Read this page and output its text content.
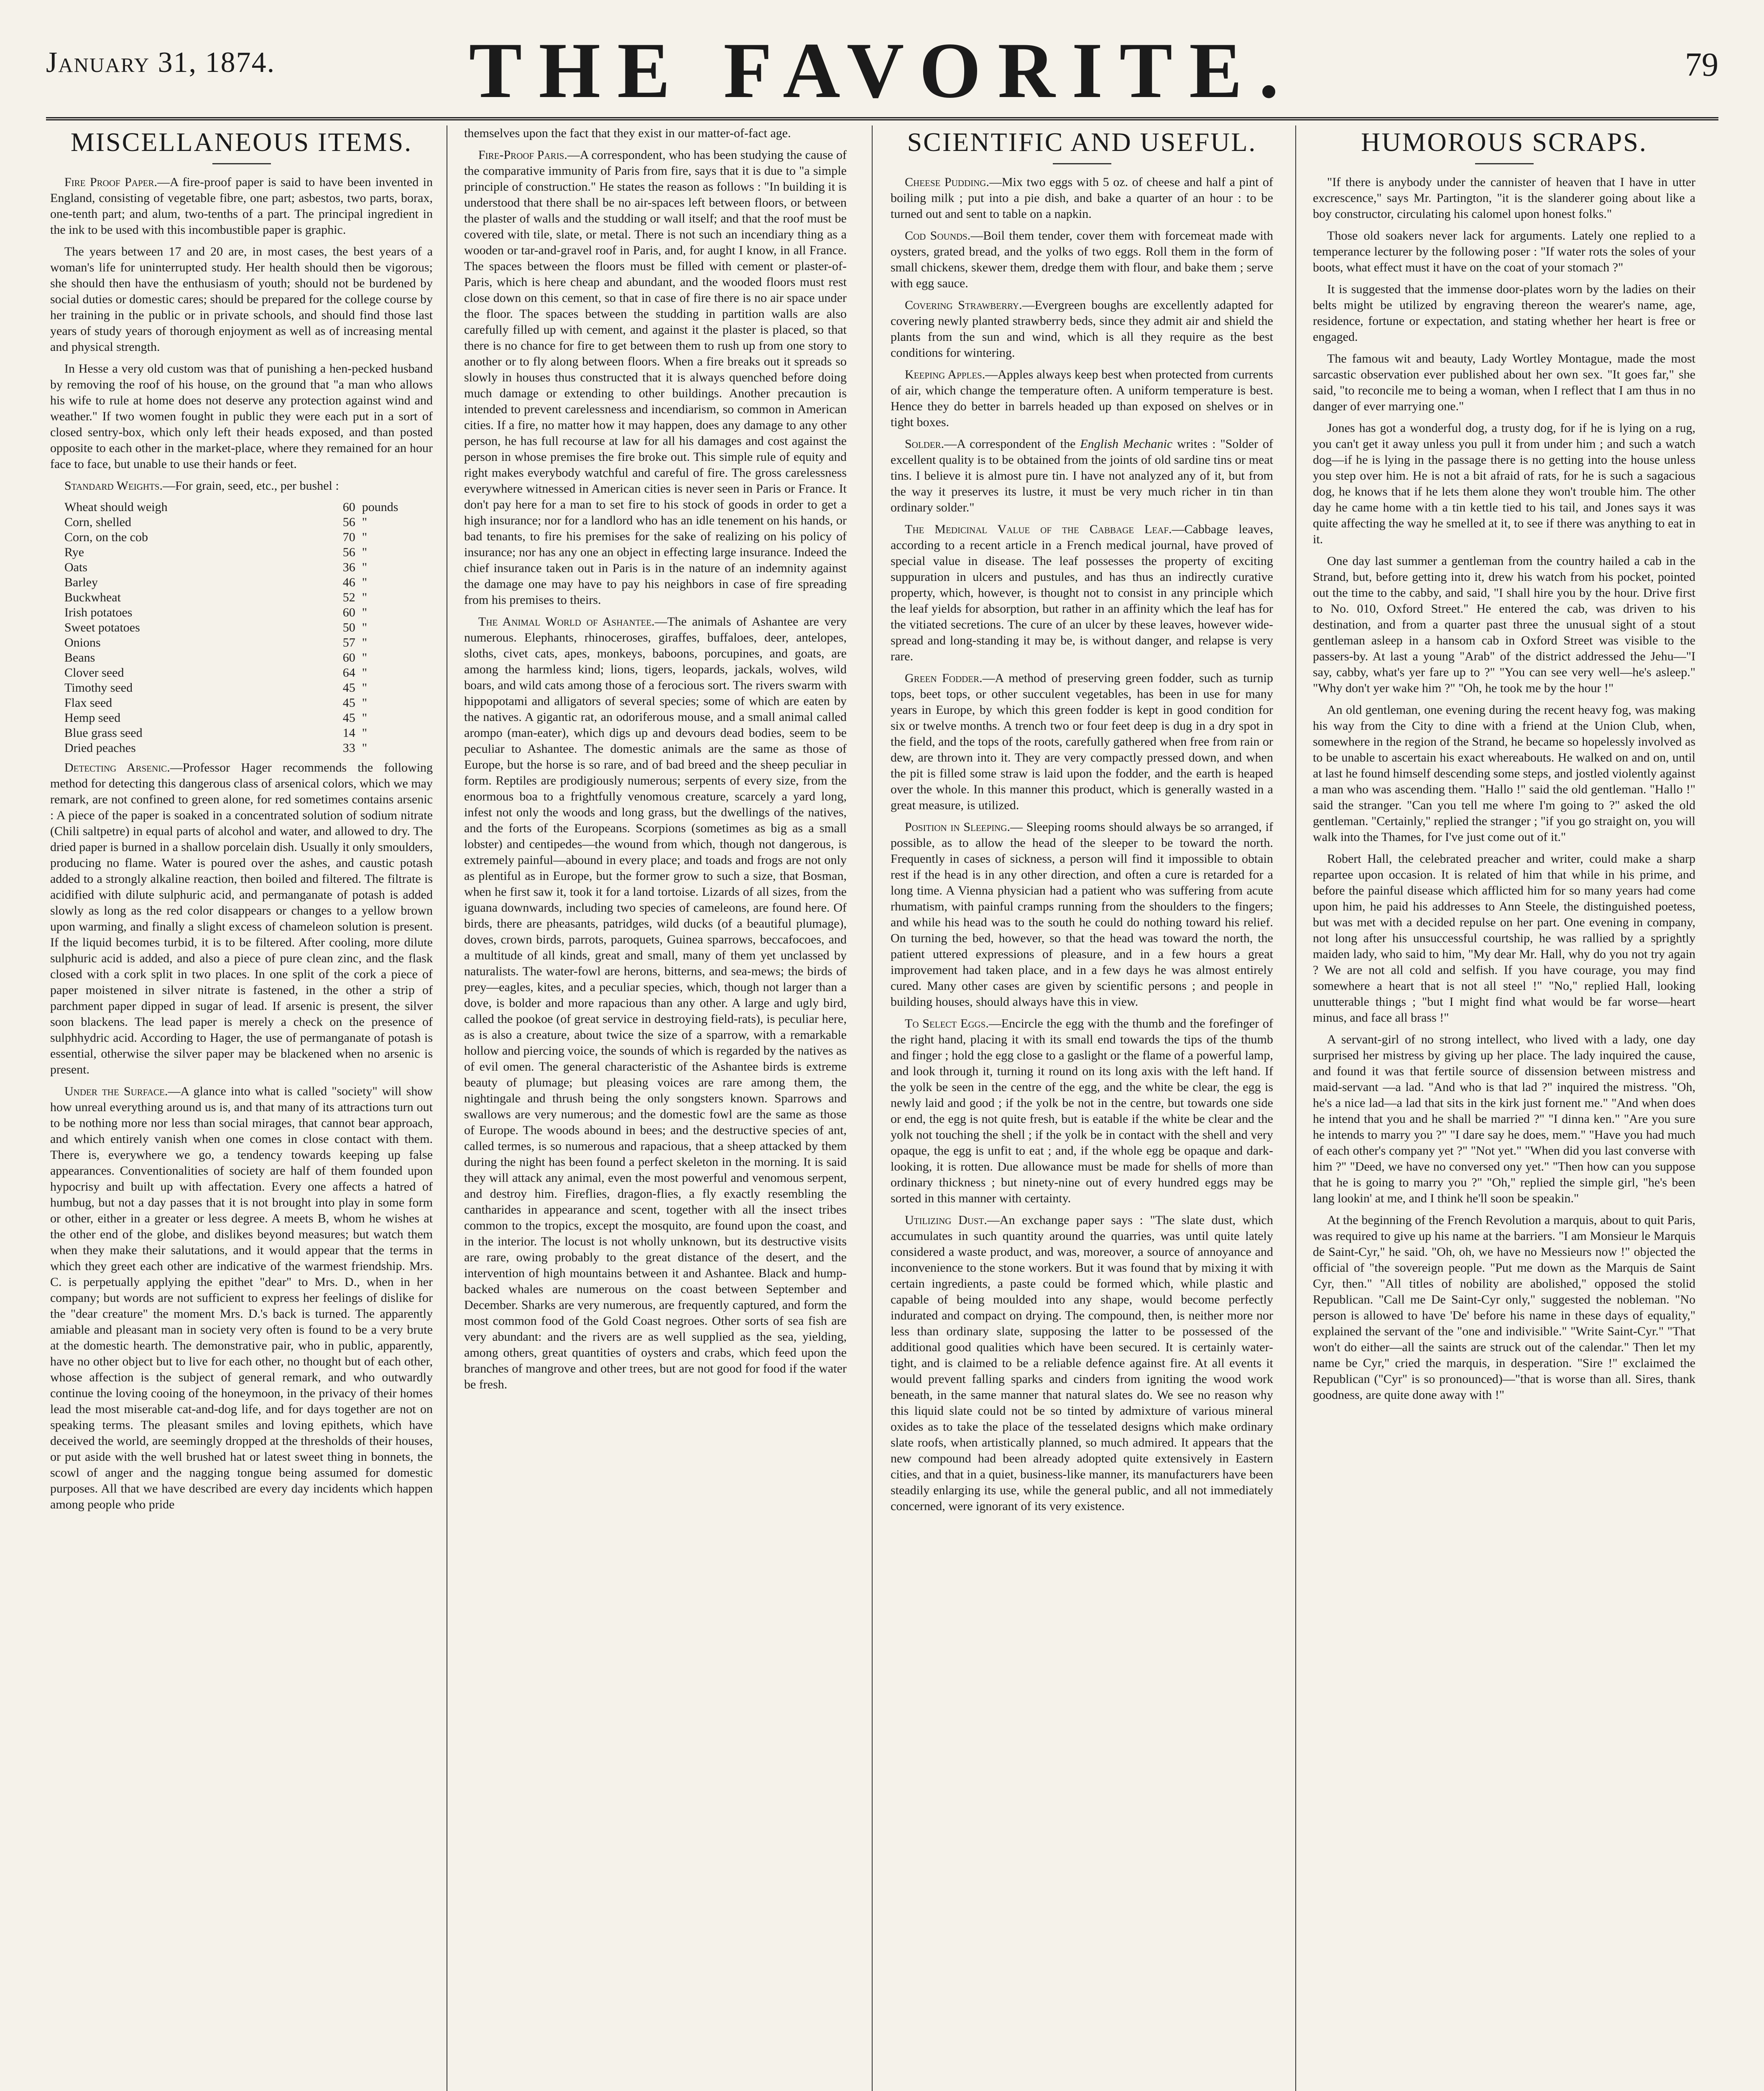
January 31, 1874.	THE FAVORITE.	79
MISCELLANEOUS ITEMS.

Fire Proof Paper.—A fire-proof paper is said to have been invented in England, consisting of vegetable fibre, one part; asbestos, two parts, borax, one-tenth part; and alum, two-tenths of a part. The principal ingredient in the ink to be used with this incombustible paper is graphic.

The years between 17 and 20 are, in most cases, the best years of a woman's life for uninterrupted study. Her health should then be vigorous; she should then have the enthusiasm of youth; should not be burdened by social duties or domestic cares; should be prepared for the college course by her training in the public or in private schools, and should find those last years of study years of thorough enjoyment as well as of increasing mental and physical strength.

In Hesse a very old custom was that of punishing a hen-pecked husband by removing the roof of his house, on the ground that "a man who allows his wife to rule at home does not deserve any protection against wind and weather." If two women fought in public they were each put in a sort of closed sentry-box, which only left their heads exposed, and than posted opposite to each other in the market-place, where they remained for an hour face to face, but unable to use their hands or feet.

Standard Weights.—For grain, seed, etc., per bushel :

Wheat should weigh	60	pounds
Corn, shelled	56	"
Corn, on the cob	70	"
Rye	56	"
Oats	36	"
Barley	46	"
Buckwheat	52	"
Irish potatoes	60	"
Sweet potatoes	50	"
Onions	57	"
Beans	60	"
Clover seed	64	"
Timothy seed	45	"
Flax seed	45	"
Hemp seed	45	"
Blue grass seed	14	"
Dried peaches	33	"

Detecting Arsenic.—Professor Hager recommends the following method for detecting this dangerous class of arsenical colors, which we may remark, are not confined to green alone, for red sometimes contains arsenic : A piece of the paper is soaked in a concentrated solution of sodium nitrate (Chili saltpetre) in equal parts of alcohol and water, and allowed to dry. The dried paper is burned in a shallow porcelain dish. Usually it only smoulders, producing no flame. Water is poured over the ashes, and caustic potash added to a strongly alkaline reaction, then boiled and filtered. The filtrate is acidified with dilute sulphuric acid, and permanganate of potash is added slowly as long as the red color disappears or changes to a yellow brown upon warming, and finally a slight excess of chameleon solution is present. If the liquid becomes turbid, it is to be filtered. After cooling, more dilute sulphuric acid is added, and also a piece of pure clean zinc, and the flask closed with a cork split in two places. In one split of the cork a piece of paper moistened in silver nitrate is fastened, in the other a strip of parchment paper dipped in sugar of lead. If arsenic is present, the silver soon blackens. The lead paper is merely a check on the presence of sulphhydric acid. According to Hager, the use of permanganate of potash is essential, otherwise the silver paper may be blackened when no arsenic is present.

Under the Surface.—A glance into what is called "society" will show how unreal everything around us is, and that many of its attractions turn out to be nothing more nor less than social mirages, that cannot bear approach, and which entirely vanish when one comes in close contact with them. There is, everywhere we go, a tendency towards keeping up false appearances. Conventionalities of society are half of them founded upon hypocrisy and built up with affectation. Every one affects a hatred of humbug, but not a day passes that it is not brought into play in some form or other, either in a greater or less degree. A meets B, whom he wishes at the other end of the globe, and dislikes beyond measures; but watch them when they make their salutations, and it would appear that the terms in which they greet each other are indicative of the warmest friendship. Mrs. C. is perpetually applying the epithet "dear" to Mrs. D., when in her company; but words are not sufficient to express her feelings of dislike for the "dear creature" the moment Mrs. D.'s back is turned. The apparently amiable and pleasant man in society very often is found to be a very brute at the domestic hearth. The demonstrative pair, who in public, apparently, have no other object but to live for each other, no thought but of each other, whose affection is the subject of general remark, and who outwardly continue the loving cooing of the honeymoon, in the privacy of their homes lead the most miserable cat-and-dog life, and for days together are not on speaking terms. The pleasant smiles and loving epithets, which have deceived the world, are seemingly dropped at the thresholds of their houses, or put aside with the well brushed hat or latest sweet thing in bonnets, the scowl of anger and the nagging tongue being assumed for domestic purposes. All that we have described are every day incidents which happen among people who pride

themselves upon the fact that they exist in our matter-of-fact age.

Fire-Proof Paris.—A correspondent, who has been studying the cause of the comparative immunity of Paris from fire, says that it is due to "a simple principle of construction." He states the reason as follows : "In building it is understood that there shall be no air-spaces left between floors, or between the plaster of walls and the studding or wall itself; and that the roof must be covered with tile, slate, or metal. There is not such an incendiary thing as a wooden or tar-and-gravel roof in Paris, and, for aught I know, in all France. The spaces between the floors must be filled with cement or plaster-of-Paris, which is here cheap and abundant, and the wooded floors must rest close down on this cement, so that in case of fire there is no air space under the floor. The spaces between the studding in partition walls are also carefully filled up with cement, and against it the plaster is placed, so that there is no chance for fire to get between them to rush up from one story to another or to fly along between floors. When a fire breaks out it spreads so slowly in houses thus constructed that it is always quenched before doing much damage or extending to other buildings. Another precaution is intended to prevent carelessness and incendiarism, so common in American cities. If a fire, no matter how it may happen, does any damage to any other person, he has full recourse at law for all his damages and cost against the person in whose premises the fire broke out. This simple rule of equity and right makes everybody watchful and careful of fire. The gross carelessness everywhere witnessed in American cities is never seen in Paris or France. It don't pay here for a man to set fire to his stock of goods in order to get a high insurance; nor for a landlord who has an idle tenement on his hands, or bad tenants, to fire his premises for the sake of realizing on his policy of insurance; nor has any one an object in effecting large insurance. Indeed the chief insurance taken out in Paris is in the nature of an indemnity against the damage one may have to pay his neighbors in case of fire spreading from his premises to theirs.

The Animal World of Ashantee.—The animals of Ashantee are very numerous. Elephants, rhinoceroses, giraffes, buffaloes, deer, antelopes, sloths, civet cats, apes, monkeys, baboons, porcupines, and goats, are among the harmless kind; lions, tigers, leopards, jackals, wolves, wild boars, and wild cats among those of a ferocious sort. The rivers swarm with hippopotami and alligators of several species; some of which are eaten by the natives. A gigantic rat, an odoriferous mouse, and a small animal called arompo (man-eater), which digs up and devours dead bodies, seem to be peculiar to Ashantee. The domestic animals are the same as those of Europe, but the horse is so rare, and of bad breed and the sheep peculiar in form. Reptiles are prodigiously numerous; serpents of every size, from the enormous boa to a frightfully venomous creature, scarcely a yard long, infest not only the woods and long grass, but the dwellings of the natives, and the forts of the Europeans. Scorpions (sometimes as big as a small lobster) and centipedes—the wound from which, though not dangerous, is extremely painful—abound in every place; and toads and frogs are not only as plentiful as in Europe, but the former grow to such a size, that Bosman, when he first saw it, took it for a land tortoise. Lizards of all sizes, from the iguana downwards, including two species of cameleons, are found here. Of birds, there are pheasants, patridges, wild ducks (of a beautiful plumage), doves, crown birds, parrots, paroquets, Guinea sparrows, beccafocoes, and a multitude of all kinds, great and small, many of them yet unclassed by naturalists. The water-fowl are herons, bitterns, and sea-mews; the birds of prey—eagles, kites, and a peculiar species, which, though not larger than a dove, is bolder and more rapacious than any other. A large and ugly bird, called the pookoe (of great service in destroying field-rats), is peculiar here, as is also a creature, about twice the size of a sparrow, with a remarkable hollow and piercing voice, the sounds of which is regarded by the natives as of evil omen. The general characteristic of the Ashantee birds is extreme beauty of plumage; but pleasing voices are rare among them, the nightingale and thrush being the only songsters known. Sparrows and swallows are very numerous; and the domestic fowl are the same as those of Europe. The woods abound in bees; and the destructive species of ant, called termes, is so numerous and rapacious, that a sheep attacked by them during the night has been found a perfect skeleton in the morning. It is said they will attack any animal, even the most powerful and venomous serpent, and destroy him. Fireflies, dragon-flies, a fly exactly resembling the cantharides in appearance and scent, together with all the insect tribes common to the tropics, except the mosquito, are found upon the coast, and in the interior. The locust is not wholly unknown, but its destructive visits are rare, owing probably to the great distance of the desert, and the intervention of high mountains between it and Ashantee. Black and hump-backed whales are numerous on the coast between September and December. Sharks are very numerous, are frequently captured, and form the most common food of the Gold Coast negroes. Other sorts of sea fish are very abundant: and the rivers are as well supplied as the sea, yielding, among others, great quantities of oysters and crabs, which feed upon the branches of mangrove and other trees, but are not good for food if the water be fresh.

SCIENTIFIC AND USEFUL.

Cheese Pudding.—Mix two eggs with 5 oz. of cheese and half a pint of boiling milk ; put into a pie dish, and bake a quarter of an hour : to be turned out and sent to table on a napkin.

Cod Sounds.—Boil them tender, cover them with forcemeat made with oysters, grated bread, and the yolks of two eggs. Roll them in the form of small chickens, skewer them, dredge them with flour, and bake them ; serve with egg sauce.

Covering Strawberry.—Evergreen boughs are excellently adapted for covering newly planted strawberry beds, since they admit air and shield the plants from the sun and wind, which is all they require as the best conditions for wintering.

Keeping Apples.—Apples always keep best when protected from currents of air, which change the temperature often. A uniform temperature is best. Hence they do better in barrels headed up than exposed on shelves or in tight boxes.

Solder.—A correspondent of the English Mechanic writes : "Solder of excellent quality is to be obtained from the joints of old sardine tins or meat tins. I believe it is almost pure tin. I have not analyzed any of it, but from the way it preserves its lustre, it must be very much richer in tin than ordinary solder."

The Medicinal Value of the Cabbage Leaf.—Cabbage leaves, according to a recent article in a French medical journal, have proved of special value in disease. The leaf possesses the property of exciting suppuration in ulcers and pustules, and has thus an indirectly curative property, which, however, is thought not to consist in any principle which the leaf yields for absorption, but rather in an affinity which the leaf has for the vitiated secretions. The cure of an ulcer by these leaves, however wide-spread and long-standing it may be, is without danger, and relapse is very rare.

Green Fodder.—A method of preserving green fodder, such as turnip tops, beet tops, or other succulent vegetables, has been in use for many years in Europe, by which this green fodder is kept in good condition for six or twelve months. A trench two or four feet deep is dug in a dry spot in the field, and the tops of the roots, carefully gathered when free from rain or dew, are thrown into it. They are very compactly pressed down, and when the pit is filled some straw is laid upon the fodder, and the earth is heaped over the whole. In this manner this product, which is generally wasted in a great measure, is utilized.

Position in Sleeping.— Sleeping rooms should always be so arranged, if possible, as to allow the head of the sleeper to be toward the north. Frequently in cases of sickness, a person will find it impossible to obtain rest if the head is in any other direction, and often a cure is retarded for a long time. A Vienna physician had a patient who was suffering from acute rhumatism, with painful cramps running from the shoulders to the fingers; and while his head was to the south he could do nothing toward his relief. On turning the bed, however, so that the head was toward the north, the patient uttered expressions of pleasure, and in a few hours a great improvement had taken place, and in a few days he was almost entirely cured. Many other cases are given by scientific persons ; and people in building houses, should always have this in view.

To Select Eggs.—Encircle the egg with the thumb and the forefinger of the right hand, placing it with its small end towards the tips of the thumb and finger ; hold the egg close to a gaslight or the flame of a powerful lamp, and look through it, turning it round on its long axis with the left hand. If the yolk be seen in the centre of the egg, and the white be clear, the egg is newly laid and good ; if the yolk be not in the centre, but towards one side or end, the egg is not quite fresh, but is eatable if the white be clear and the yolk not touching the shell ; if the yolk be in contact with the shell and very opaque, the egg is unfit to eat ; and, if the whole egg be opaque and dark-looking, it is rotten. Due allowance must be made for shells of more than ordinary thickness ; but ninety-nine out of every hundred eggs may be sorted in this manner with certainty.

Utilizing Dust.—An exchange paper says : "The slate dust, which accumulates in such quantity around the quarries, was until quite lately considered a waste product, and was, moreover, a source of annoyance and inconvenience to the stone workers. But it was found that by mixing it with certain ingredients, a paste could be formed which, while plastic and capable of being moulded into any shape, would become perfectly indurated and compact on drying. The compound, then, is neither more nor less than ordinary slate, supposing the latter to be possessed of the additional good qualities which have been secured. It is certainly water-tight, and is claimed to be a reliable defence against fire. At all events it would prevent falling sparks and cinders from igniting the wood work beneath, in the same manner that natural slates do. We see no reason why this liquid slate could not be so tinted by admixture of various mineral oxides as to take the place of the tesselated designs which make ordinary slate roofs, when artistically planned, so much admired. It appears that the new compound had been already adopted quite extensively in Eastern cities, and that in a quiet, business-like manner, its manufacturers have been steadily enlarging its use, while the general public, and all not immediately concerned, were ignorant of its very existence.

HUMOROUS SCRAPS.

"If there is anybody under the cannister of heaven that I have in utter excrescence," says Mr. Partington, "it is the slanderer going about like a boy constructor, circulating his calomel upon honest folks."

Those old soakers never lack for arguments. Lately one replied to a temperance lecturer by the following poser : "If water rots the soles of your boots, what effect must it have on the coat of your stomach ?"

It is suggested that the immense door-plates worn by the ladies on their belts might be utilized by engraving thereon the wearer's name, age, residence, fortune or expectation, and stating whether her heart is free or engaged.

The famous wit and beauty, Lady Wortley Montague, made the most sarcastic observation ever published about her own sex. "It goes far," she said, "to reconcile me to being a woman, when I reflect that I am thus in no danger of ever marrying one."

Jones has got a wonderful dog, a trusty dog, for if he is lying on a rug, you can't get it away unless you pull it from under him ; and such a watch dog—if he is lying in the passage there is no getting into the house unless you step over him. He is not a bit afraid of rats, for he is such a sagacious dog, he knows that if he lets them alone they won't trouble him. The other day he came home with a tin kettle tied to his tail, and Jones says it was quite affecting the way he smelled at it, to see if there was anything to eat in it.

One day last summer a gentleman from the country hailed a cab in the Strand, but, before getting into it, drew his watch from his pocket, pointed out the time to the cabby, and said, "I shall hire you by the hour. Drive first to No. 010, Oxford Street." He entered the cab, was driven to his destination, and from a quarter past three the unusual sight of a stout gentleman asleep in a hansom cab in Oxford Street was visible to the passers-by. At last a young "Arab" of the district addressed the Jehu—"I say, cabby, what's yer fare up to ?" "You can see very well—he's asleep." "Why don't yer wake him ?" "Oh, he took me by the hour !"

An old gentleman, one evening during the recent heavy fog, was making his way from the City to dine with a friend at the Union Club, when, somewhere in the region of the Strand, he became so hopelessly involved as to be unable to ascertain his exact whereabouts. He walked on and on, until at last he found himself descending some steps, and jostled violently against a man who was ascending them. "Hallo !" said the old gentleman. "Hallo !" said the stranger. "Can you tell me where I'm going to ?" asked the old gentleman. "Certainly," replied the stranger ; "if you go straight on, you will walk into the Thames, for I've just come out of it."

Robert Hall, the celebrated preacher and writer, could make a sharp repartee upon occasion. It is related of him that while in his prime, and before the painful disease which afflicted him for so many years had come upon him, he paid his addresses to Ann Steele, the distinguished poetess, but was met with a decided repulse on her part. One evening in company, not long after his unsuccessful courtship, he was rallied by a sprightly maiden lady, who said to him, "My dear Mr. Hall, why do you not try again ? We are not all cold and selfish. If you have courage, you may find somewhere a heart that is not all steel !" "No," replied Hall, looking unutterable things ; "but I might find what would be far worse—heart minus, and face all brass !"

A servant-girl of no strong intellect, who lived with a lady, one day surprised her mistress by giving up her place. The lady inquired the cause, and found it was that fertile source of dissension between mistress and maid-servant —a lad. "And who is that lad ?" inquired the mistress. "Oh, he's a nice lad—a lad that sits in the kirk just fornent me." "And when does he intend that you and he shall be married ?" "I dinna ken." "Are you sure he intends to marry you ?" "I dare say he does, mem." "Have you had much of each other's company yet ?" "Not yet." "When did you last converse with him ?" "Deed, we have no conversed ony yet." "Then how can you suppose that he is going to marry you ?" "Oh," replied the simple girl, "he's been lang lookin' at me, and I think he'll soon be speakin."

At the beginning of the French Revolution a marquis, about to quit Paris, was required to give up his name at the barriers. "I am Monsieur le Marquis de Saint-Cyr," he said. "Oh, oh, we have no Messieurs now !" objected the official of "the sovereign people. "Put me down as the Marquis de Saint Cyr, then." "All titles of nobility are abolished," opposed the stolid Republican. "Call me De Saint-Cyr only," suggested the nobleman. "No person is allowed to have 'De' before his name in these days of equality," explained the servant of the "one and indivisible." "Write Saint-Cyr." "That won't do either—all the saints are struck out of the calendar." Then let my name be Cyr," cried the marquis, in desperation. "Sire !" exclaimed the Republican ("Cyr" is so pronounced)—"that is worse than all. Sires, thank goodness, are quite done away with !"
